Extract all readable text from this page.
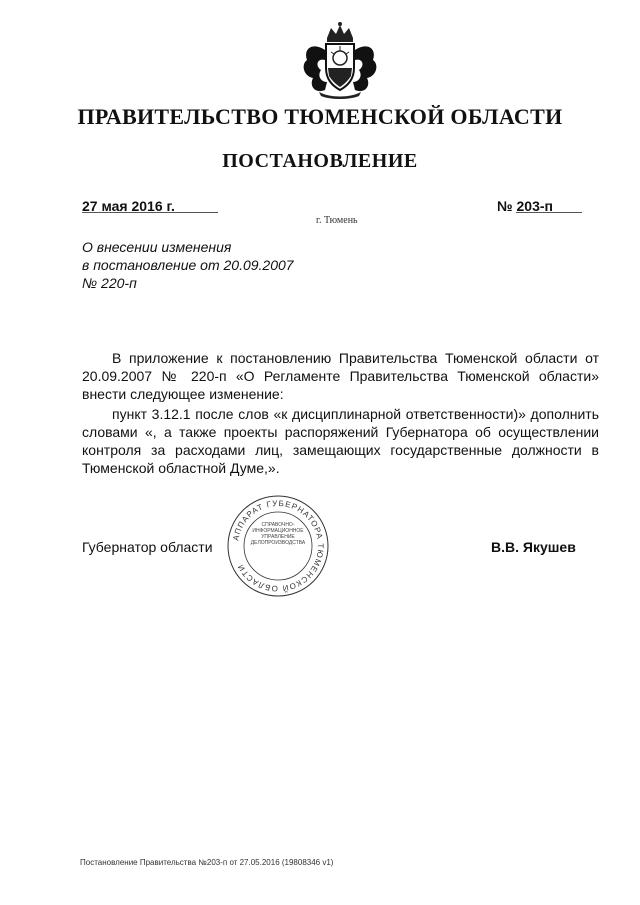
ПРАВИТЕЛЬСТВО ТЮМЕНСКОЙ ОБЛАСТИ
ПОСТАНОВЛЕНИЕ
27 мая 2016 г.	№ 203-п
г. Тюмень
О внесении изменения
в постановление от 20.09.2007
№ 220-п
В приложение к постановлению Правительства Тюменской области от 20.09.2007 № 220-п «О Регламенте Правительства Тюменской области» внести следующее изменение:
пункт 3.12.1 после слов «к дисциплинарной ответственности)» дополнить словами «, а также проекты распоряжений Губернатора об осуществлении контроля за расходами лиц, замещающих государственные должности в Тюменской областной Думе,».
АППАРАТ ГУБЕРНАТОРА ТЮМЕНСКОЙ ОБЛАСТИ
СПРАВОЧНО-ИНФОРМАЦИОННОЕ УПРАВЛЕНИЕ ДЕЛОПРОИЗВОДСТВА
Губернатор области	В.В. Якушев
Постановление Правительства №203-п от 27.05.2016 (19808346 v1)
